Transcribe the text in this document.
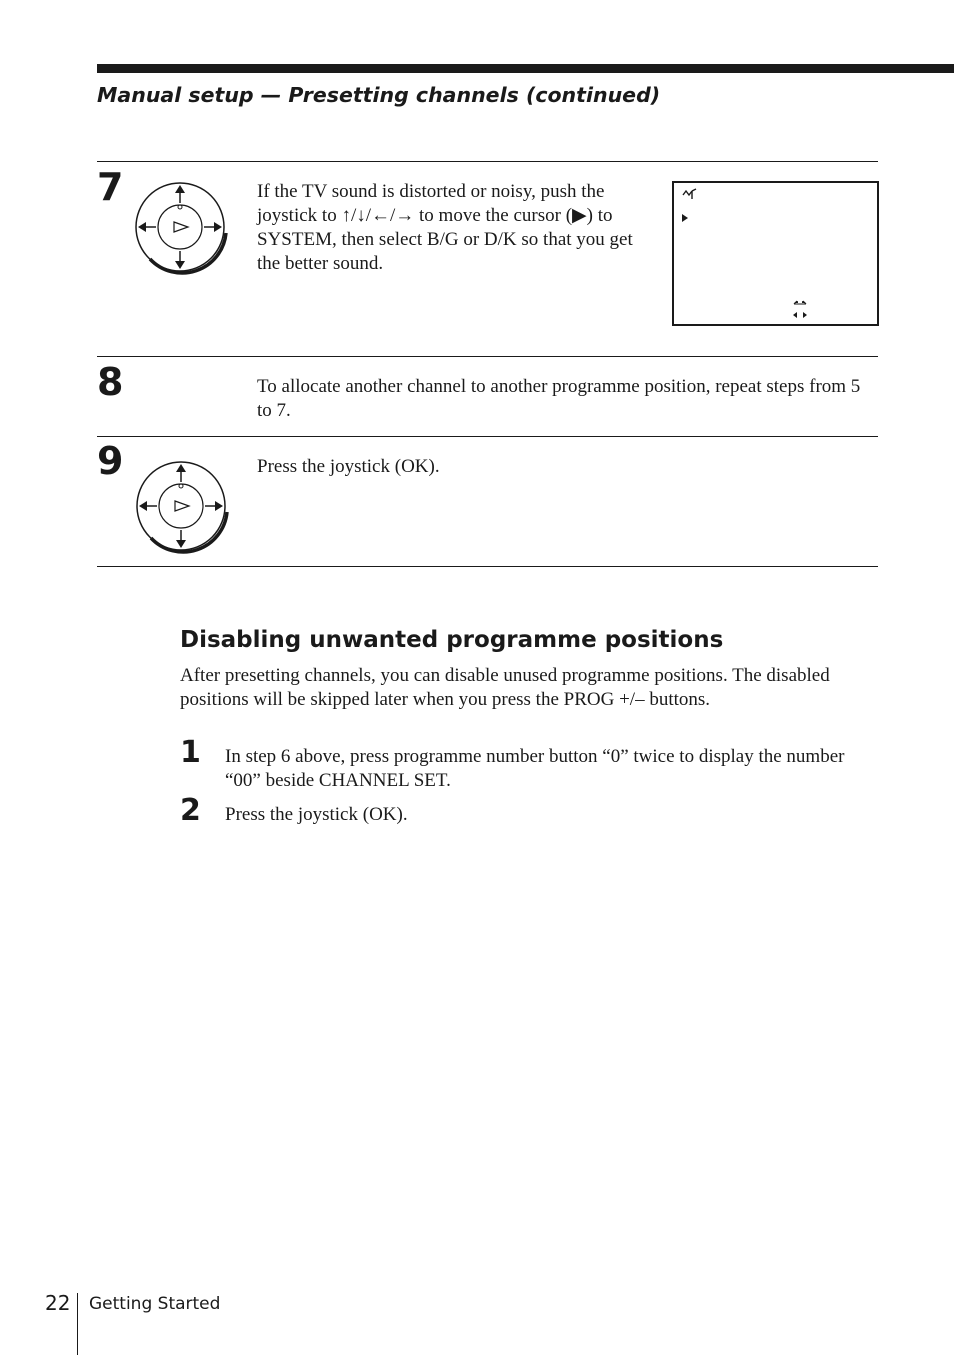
Manual setup — Presetting channels (continued)
7	If the TV sound is distorted or noisy, push the joystick to ↑/↓/←/→ to move the cursor (▶) to SYSTEM, then select B/G or D/K so that you get the better sound.
8	To allocate another channel to another programme position, repeat steps from 5 to 7.
9	Press the joystick (OK).
Disabling unwanted programme positions
After presetting channels, you can disable unused programme positions. The disabled positions will be skipped later when you press the PROG +/– buttons.
1 In step 6 above, press programme number button “0” twice to display the number “00” beside CHANNEL SET.
2 Press the joystick (OK).
22 Getting Started
